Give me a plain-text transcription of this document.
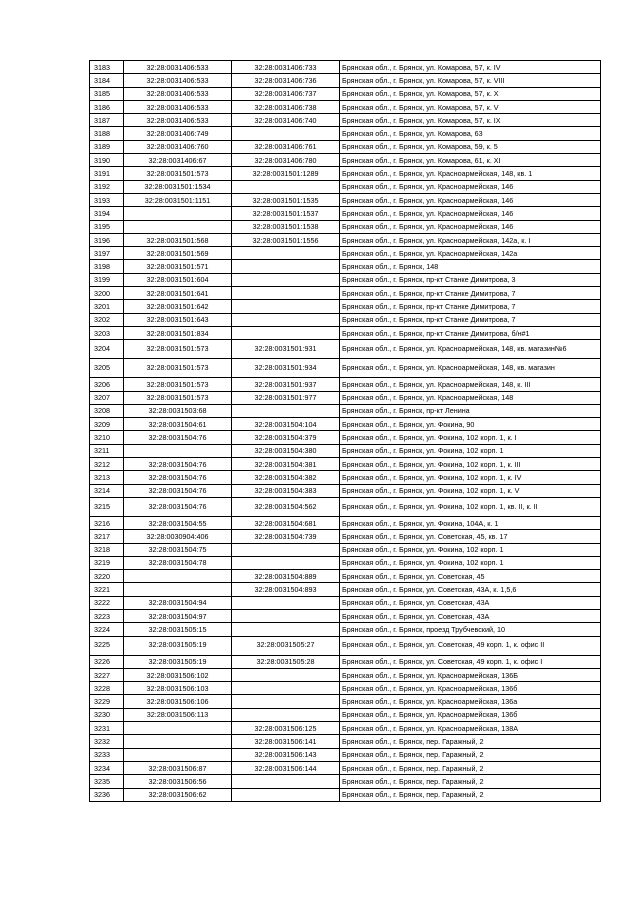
3183	32:28:0031406:533	32:28:0031406:733	Брянская обл., г. Брянск, ул. Комарова, 57, к. IV
3184	32:28:0031406:533	32:28:0031406:736	Брянская обл., г. Брянск, ул. Комарова, 57, к. VIII
3185	32:28:0031406:533	32:28:0031406:737	Брянская обл., г. Брянск, ул. Комарова, 57, к. X
3186	32:28:0031406:533	32:28:0031406:738	Брянская обл., г. Брянск, ул. Комарова, 57, к. V
3187	32:28:0031406:533	32:28:0031406:740	Брянская обл., г. Брянск, ул. Комарова, 57, к. IX
3188	32:28:0031406:749		Брянская обл., г. Брянск, ул. Комарова, 63
3189	32:28:0031406:760	32:28:0031406:761	Брянская обл., г. Брянск, ул. Комарова, 59, к. 5
3190	32:28:0031406:67	32:28:0031406:780	Брянская обл., г. Брянск, ул. Комарова, 61, к. XI
3191	32:28:0031501:573	32:28:0031501:1289	Брянская обл., г. Брянск, ул. Красноармейская, 148, кв. 1
3192	32:28:0031501:1534		Брянская обл., г. Брянск, ул. Красноармейская, 146
3193	32:28:0031501:1151	32:28:0031501:1535	Брянская обл., г. Брянск, ул. Красноармейская, 146
3194		32:28:0031501:1537	Брянская обл., г. Брянск, ул. Красноармейская, 146
3195		32:28:0031501:1538	Брянская обл., г. Брянск, ул. Красноармейская, 146
3196	32:28:0031501:568	32:28:0031501:1556	Брянская обл., г. Брянск, ул. Красноармейская, 142а, к. I
3197	32:28:0031501:569		Брянская обл., г. Брянск, ул. Красноармейская, 142а
3198	32:28:0031501:571		Брянская обл., г. Брянск, 148
3199	32:28:0031501:604		Брянская обл., г. Брянск, пр-кт Станке Димитрова, 3
3200	32:28:0031501:641		Брянская обл., г. Брянск, пр-кт Станке Димитрова, 7
3201	32:28:0031501:642		Брянская обл., г. Брянск, пр-кт Станке Димитрова, 7
3202	32:28:0031501:643		Брянская обл., г. Брянск, пр-кт Станке Димитрова, 7
3203	32:28:0031501:834		Брянская обл., г. Брянск, пр-кт Станке Димитрова, б/н#1
3204	32:28:0031501:573	32:28:0031501:931	Брянская обл., г. Брянск, ул. Красноармейская, 148, кв. магазин№6
3205	32:28:0031501:573	32:28:0031501:934	Брянская обл., г. Брянск, ул. Красноармейская, 148, кв. магазин
3206	32:28:0031501:573	32:28:0031501:937	Брянская обл., г. Брянск, ул. Красноармейская, 148, к. III
3207	32:28:0031501:573	32:28:0031501:977	Брянская обл., г. Брянск, ул. Красноармейская, 148
3208	32:28:0031503:68		Брянская обл., г. Брянск, пр-кт Ленина
3209	32:28:0031504:61	32:28:0031504:104	Брянская обл., г. Брянск, ул. Фокина, 90
3210	32:28:0031504:76	32:28:0031504:379	Брянская обл., г. Брянск, ул. Фокина, 102 корп. 1, к. I
3211		32:28:0031504:380	Брянская обл., г. Брянск, ул. Фокина, 102 корп. 1
3212	32:28:0031504:76	32:28:0031504:381	Брянская обл., г. Брянск, ул. Фокина, 102 корп. 1, к. III
3213	32:28:0031504:76	32:28:0031504:382	Брянская обл., г. Брянск, ул. Фокина, 102 корп. 1, к. IV
3214	32:28:0031504:76	32:28:0031504:383	Брянская обл., г. Брянск, ул. Фокина, 102 корп. 1, к. V
3215	32:28:0031504:76	32:28:0031504:562	Брянская обл., г. Брянск, ул. Фокина, 102 корп. 1, кв. II, к. II
3216	32:28:0031504:55	32:28:0031504:681	Брянская обл., г. Брянск, ул. Фокина, 104А, к. 1
3217	32:28:0030904:406	32:28:0031504:739	Брянская обл., г. Брянск, ул. Советская, 45, кв. 17
3218	32:28:0031504:75		Брянская обл., г. Брянск, ул. Фокина, 102 корп. 1
3219	32:28:0031504:78		Брянская обл., г. Брянск, ул. Фокина, 102 корп. 1
3220		32:28:0031504:889	Брянская обл., г. Брянск, ул. Советская, 45
3221		32:28:0031504:893	Брянская обл., г. Брянск, ул. Советская, 43А, к. 1,5,6
3222	32:28:0031504:94		Брянская обл., г. Брянск, ул. Советская, 43А
3223	32:28:0031504:97		Брянская обл., г. Брянск, ул. Советская, 43А
3224	32:28:0031505:15		Брянская обл., г. Брянск, проезд Трубчевский, 10
3225	32:28:0031505:19	32:28:0031505:27	Брянская обл., г. Брянск, ул. Советская, 49 корп. 1, к. офис II
3226	32:28:0031505:19	32:28:0031505:28	Брянская обл., г. Брянск, ул. Советская, 49 корп. 1, к. офис I
3227	32:28:0031506:102		Брянская обл., г. Брянск, ул. Красноармейская, 136Б
3228	32:28:0031506:103		Брянская обл., г. Брянск, ул. Красноармейская, 136б
3229	32:28:0031506:106		Брянская обл., г. Брянск, ул. Красноармейская, 136а
3230	32:28:0031506:113		Брянская обл., г. Брянск, ул. Красноармейская, 136б
3231		32:28:0031506:125	Брянская обл., г. Брянск, ул. Красноармейская, 138А
3232		32:28:0031506:141	Брянская обл., г. Брянск, пер. Гаражный, 2
3233		32:28:0031506:143	Брянская обл., г. Брянск, пер. Гаражный, 2
3234	32:28:0031506:87	32:28:0031506:144	Брянская обл., г. Брянск, пер. Гаражный, 2
3235	32:28:0031506:56		Брянская обл., г. Брянск, пер. Гаражный, 2
3236	32:28:0031506:62		Брянская обл., г. Брянск, пер. Гаражный, 2
